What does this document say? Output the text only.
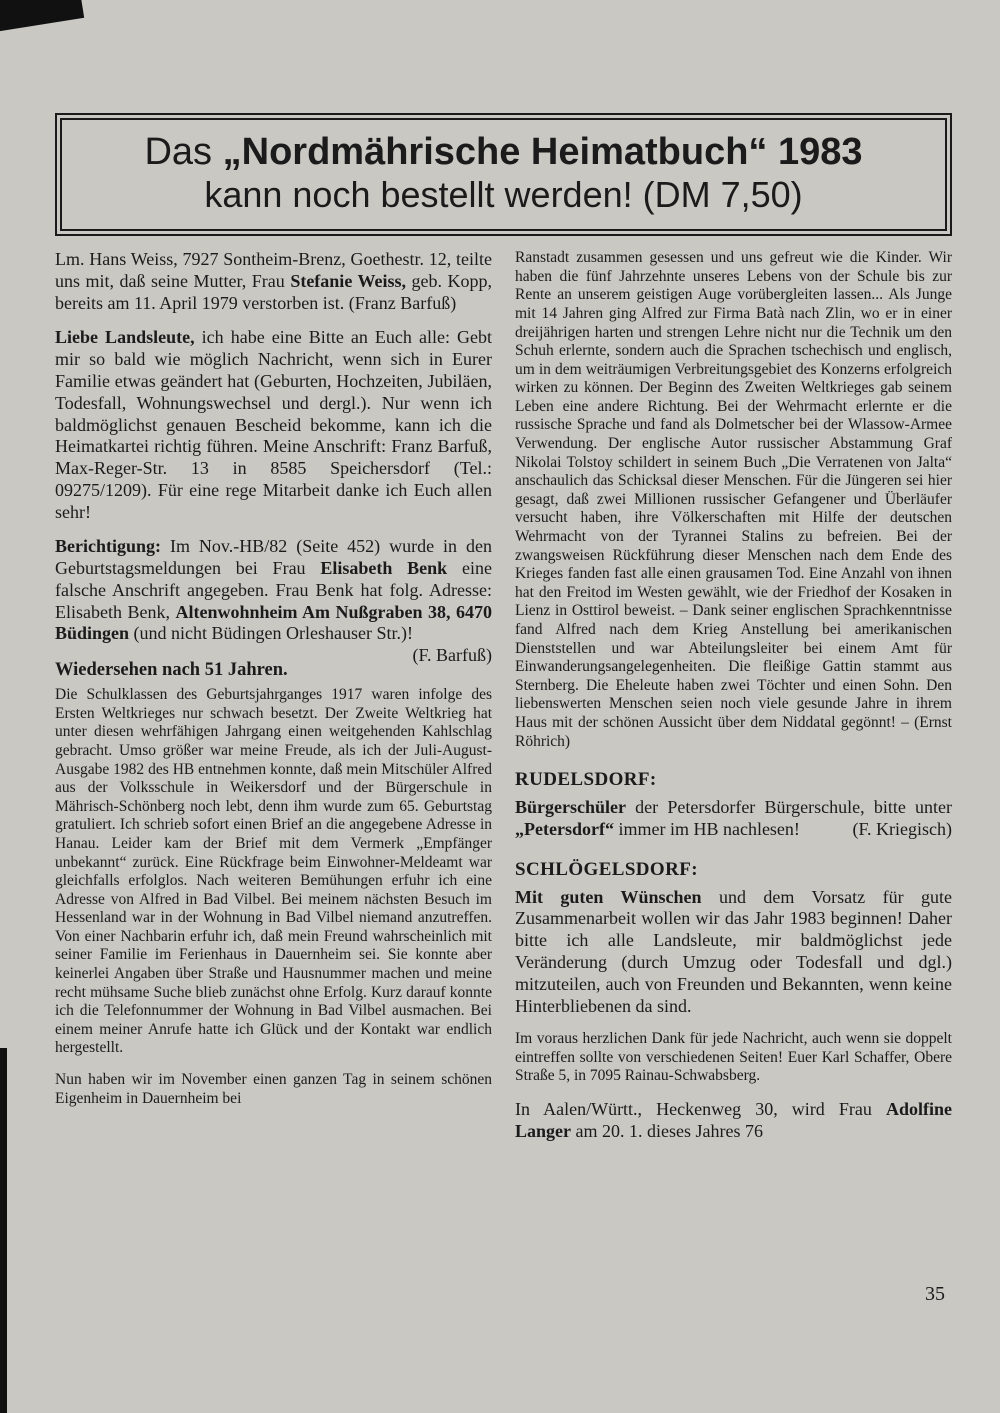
Das „Nordmährische Heimatbuch“ 1983
kann noch bestellt werden! (DM 7,50)

Lm. Hans Weiss, 7927 Sontheim-Brenz, Goethestr. 12, teilte uns mit, daß seine Mutter, Frau Stefanie Weiss, geb. Kopp, bereits am 11. April 1979 verstorben ist. (Franz Barfuß)

Liebe Landsleute, ich habe eine Bitte an Euch alle: Gebt mir so bald wie möglich Nachricht, wenn sich in Eurer Familie etwas geändert hat (Geburten, Hochzeiten, Jubiläen, Todesfall, Wohnungswechsel und dergl.). Nur wenn ich baldmöglichst genauen Bescheid bekomme, kann ich die Heimatkartei richtig führen. Meine Anschrift: Franz Barfuß, Max-Reger-Str. 13 in 8585 Speichersdorf (Tel.: 09275/1209). Für eine rege Mitarbeit danke ich Euch allen sehr!

Berichtigung: Im Nov.-HB/82 (Seite 452) wurde in den Geburtstagsmeldungen bei Frau Elisabeth Benk eine falsche Anschrift angegeben. Frau Benk hat folg. Adresse: Elisabeth Benk, Altenwohnheim Am Nußgraben 38, 6470 Büdingen (und nicht Büdingen Orleshauser Str.)!
(F. Barfuß)

Wiedersehen nach 51 Jahren.

Die Schulklassen des Geburtsjahrganges 1917 waren infolge des Ersten Weltkrieges nur schwach besetzt. Der Zweite Weltkrieg hat unter diesen wehrfähigen Jahrgang einen weitgehenden Kahlschlag gebracht. Umso größer war meine Freude, als ich der Juli-August-Ausgabe 1982 des HB entnehmen konnte, daß mein Mitschüler Alfred aus der Volksschule in Weikersdorf und der Bürgerschule in Mährisch-Schönberg noch lebt, denn ihm wurde zum 65. Geburtstag gratuliert. Ich schrieb sofort einen Brief an die angegebene Adresse in Hanau. Leider kam der Brief mit dem Vermerk „Empfänger unbekannt“ zurück. Eine Rückfrage beim Einwohner-Meldeamt war gleichfalls erfolglos. Nach weiteren Bemühungen erfuhr ich eine Adresse von Alfred in Bad Vilbel. Bei meinem nächsten Besuch im Hessenland war in der Wohnung in Bad Vilbel niemand anzutreffen. Von einer Nachbarin erfuhr ich, daß mein Freund wahrscheinlich mit seiner Familie im Ferienhaus in Dauernheim sei. Sie konnte aber keinerlei Angaben über Straße und Hausnummer machen und meine recht mühsame Suche blieb zunächst ohne Erfolg. Kurz darauf konnte ich die Telefonnummer der Wohnung in Bad Vilbel ausmachen. Bei einem meiner Anrufe hatte ich Glück und der Kontakt war endlich hergestellt.

Nun haben wir im November einen ganzen Tag in seinem schönen Eigenheim in Dauernheim bei

Ranstadt zusammen gesessen und uns gefreut wie die Kinder. Wir haben die fünf Jahrzehnte unseres Lebens von der Schule bis zur Rente an unserem geistigen Auge vorübergleiten lassen... Als Junge mit 14 Jahren ging Alfred zur Firma Batà nach Zlin, wo er in einer dreijährigen harten und strengen Lehre nicht nur die Technik um den Schuh erlernte, sondern auch die Sprachen tschechisch und englisch, um in dem weiträumigen Verbreitungsgebiet des Konzerns erfolgreich wirken zu können. Der Beginn des Zweiten Weltkrieges gab seinem Leben eine andere Richtung. Bei der Wehrmacht erlernte er die russische Sprache und fand als Dolmetscher bei der Wlassow-Armee Verwendung. Der englische Autor russischer Abstammung Graf Nikolai Tolstoy schildert in seinem Buch „Die Verratenen von Jalta“ anschaulich das Schicksal dieser Menschen. Für die Jüngeren sei hier gesagt, daß zwei Millionen russischer Gefangener und Überläufer versucht haben, ihre Völkerschaften mit Hilfe der deutschen Wehrmacht von der Tyrannei Stalins zu befreien. Bei der zwangsweisen Rückführung dieser Menschen nach dem Ende des Krieges fanden fast alle einen grausamen Tod. Eine Anzahl von ihnen hat den Freitod im Westen gewählt, wie der Friedhof der Kosaken in Lienz in Osttirol beweist. – Dank seiner englischen Sprachkenntnisse fand Alfred nach dem Krieg Anstellung bei amerikanischen Dienststellen und war Abteilungsleiter bei einem Amt für Einwanderungsangelegenheiten. Die fleißige Gattin stammt aus Sternberg. Die Eheleute haben zwei Töchter und einen Sohn. Den liebenswerten Menschen seien noch viele gesunde Jahre in ihrem Haus mit der schönen Aussicht über dem Niddatal gegönnt! – (Ernst Röhrich)

RUDELSDORF:

Bürgerschüler der Petersdorfer Bürgerschule, bitte unter „Petersdorf“ immer im HB nachlesen!	(F. Kriegisch)

SCHLÖGELSDORF:

Mit guten Wünschen und dem Vorsatz für gute Zusammenarbeit wollen wir das Jahr 1983 beginnen! Daher bitte ich alle Landsleute, mir baldmöglichst jede Veränderung (durch Umzug oder Todesfall und dgl.) mitzuteilen, auch von Freunden und Bekannten, wenn keine Hinterbliebenen da sind.

Im voraus herzlichen Dank für jede Nachricht, auch wenn sie doppelt eintreffen sollte von verschiedenen Seiten! Euer Karl Schaffer, Obere Straße 5, in 7095 Rainau-Schwabsberg.

In Aalen/Württ., Heckenweg 30, wird Frau Adolfine Langer am 20. 1. dieses Jahres 76

35
